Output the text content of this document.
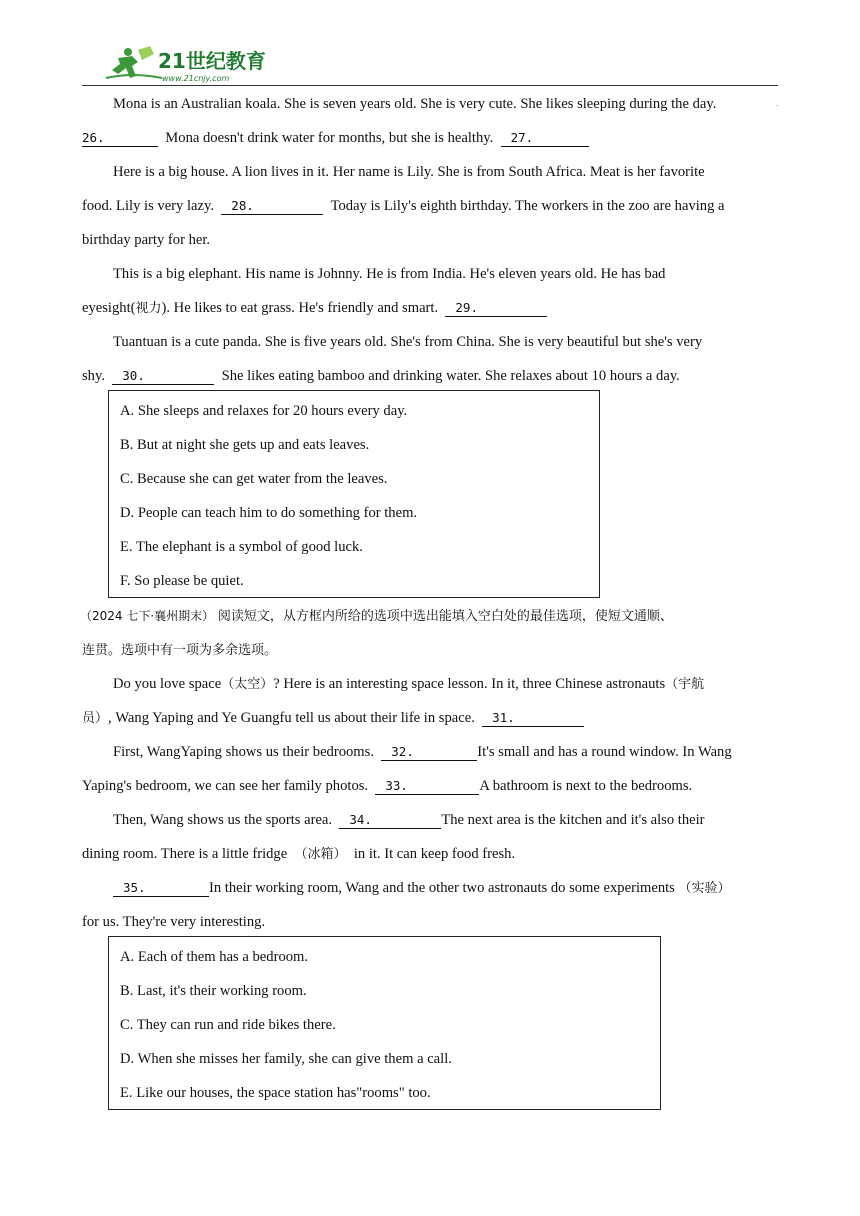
21世纪教育
www.21cnjy.com
.
Mona is an Australian koala. She is seven years old. She is very cute. She likes sleeping during the day.
26.	Mona doesn't drink water for months, but she is healthy. 27.
Here is a big house. A lion lives in it. Her name is Lily. She is from South Africa. Meat is her favorite
food. Lily is very lazy. 28.	Today is Lily's eighth birthday. The workers in the zoo are having a
birthday party for her.
This is a big elephant. His name is Johnny. He is from India. He's eleven years old. He has bad
eyesight(视力). He likes to eat grass. He's friendly and smart. 29.
Tuantuan is a cute panda. She is five years old. She's from China. She is very beautiful but she's very
shy. 30.	She likes eating bamboo and drinking water. She relaxes about 10 hours a day.
A. She sleeps and relaxes for 20 hours every day.
B. But at night she gets up and eats leaves.
C. Because she can get water from the leaves.
D. People can teach him to do something for them.
E. The elephant is a symbol of good luck.
F. So please be quiet.
（2024 七下·襄州期末） 阅读短文，从方框内所给的选项中选出能填入空白处的最佳选项，使短文通顺、
连贯。选项中有一项为多余选项。
Do you love space（太空）? Here is an interesting space lesson. In it, three Chinese astronauts（宇航
员）, Wang Yaping and Ye Guangfu tell us about their life in space. 31.
First, WangYaping shows us their bedrooms. 32.	It's small and has a round window. In Wang
Yaping's bedroom, we can see her family photos. 33.	A bathroom is next to the bedrooms.
Then, Wang shows us the sports area. 34.	The next area is the kitchen and it's also their
dining room. There is a little fridge （冰箱） in it. It can keep food fresh.
35.	In their working room, Wang and the other two astronauts do some experiments （实验）
for us. They're very interesting.
A. Each of them has a bedroom.
B. Last, it's their working room.
C. They can run and ride bikes there.
D. When she misses her family, she can give them a call.
E. Like our houses, the space station has"rooms" too.
